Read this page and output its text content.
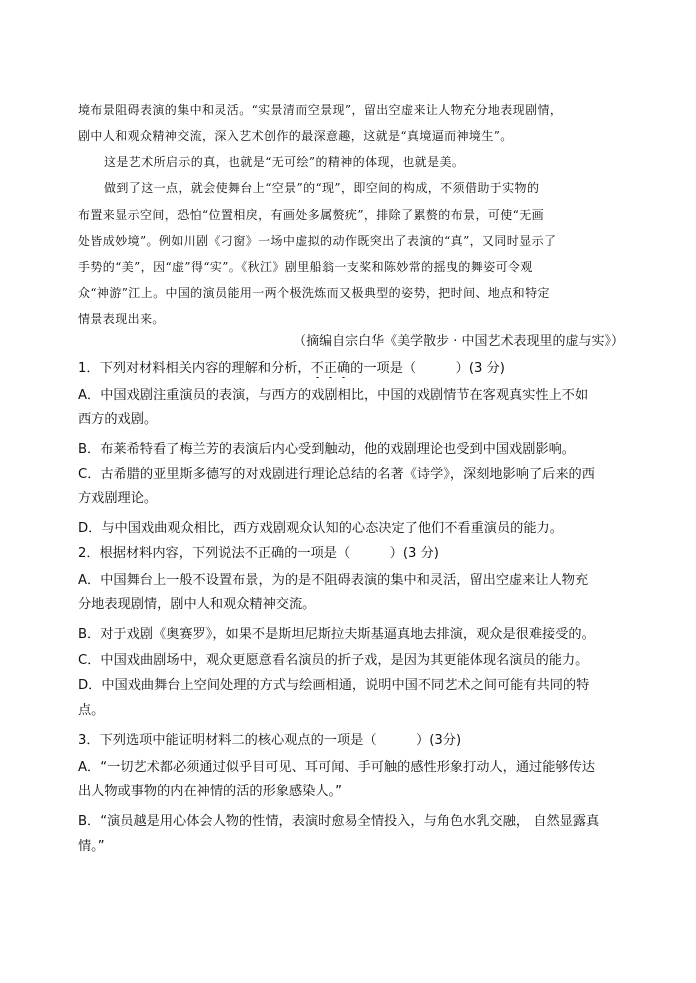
境布景阻碍表演的集中和灵活。“实景清而空景现”，留出空虚来让人物充分地表现剧情，
剧中人和观众精神交流，深入艺术创作的最深意趣，这就是“真境逼而神境生”。
这是艺术所启示的真，也就是“无可绘”的精神的体现，也就是美。
做到了这一点，就会使舞台上“空景”的“现”，即空间的构成，不须借助于实物的
布置来显示空间，恐怕“位置相戾，有画处多属赘疣”，排除了累赘的布景，可使“无画
处皆成妙境”。例如川剧《刁窗》一场中虚拟的动作既突出了表演的“真”，又同时显示了
手势的“美”，因“虚”得“实”。《秋江》剧里船翁一支桨和陈妙常的摇曳的舞姿可令观
众“神游”江上。中国的演员能用一两个极洗炼而又极典型的姿势，把时间、地点和特定
情景表现出来。
（摘编自宗白华《美学散步 · 中国艺术表现里的虚与实》）
1．下列对材料相关内容的理解和分析，不正确
的一项是（　　　）(3 分)
A．中国戏剧注重演员的表演，与西方的戏剧相比，中国的戏剧情节在客观真实性上不如
西方的戏剧。
B．布莱希特看了梅兰芳的表演后内心受到触动，他的戏剧理论也受到中国戏剧影响。
C．古希腊的亚里斯多德写的对戏剧进行理论总结的名著《诗学》，深刻地影响了后来的西
方戏剧理论。
D．与中国戏曲观众相比，西方戏剧观众认知的心态决定了他们不看重演员的能力。
2．根据材料内容，下列说法不正确的一项是（　　　）(3 分)
A．中国舞台上一般不设置布景，为的是不阻碍表演的集中和灵活，留出空虚来让人物充
分地表现剧情，剧中人和观众精神交流。
B．对于戏剧《奥赛罗》，如果不是斯坦尼斯拉夫斯基逼真地去排演，观众是很难接受的。
C．中国戏曲剧场中，观众更愿意看名演员的折子戏，是因为其更能体现名演员的能力。
D．中国戏曲舞台上空间处理的方式与绘画相通，说明中国不同艺术之间可能有共同的特
点。
3．下列选项中能证明材料二的核心观点的一项是（　　　）(3分)
A．“一切艺术都必须通过似乎目可见、耳可闻、手可触的感性形象打动人，通过能够传达
出人物或事物的内在神情的活的形象感染人。”
B．“演员越是用心体会人物的性情，表演时愈易全情投入，与角色水乳交融， 自然显露真
情。”
